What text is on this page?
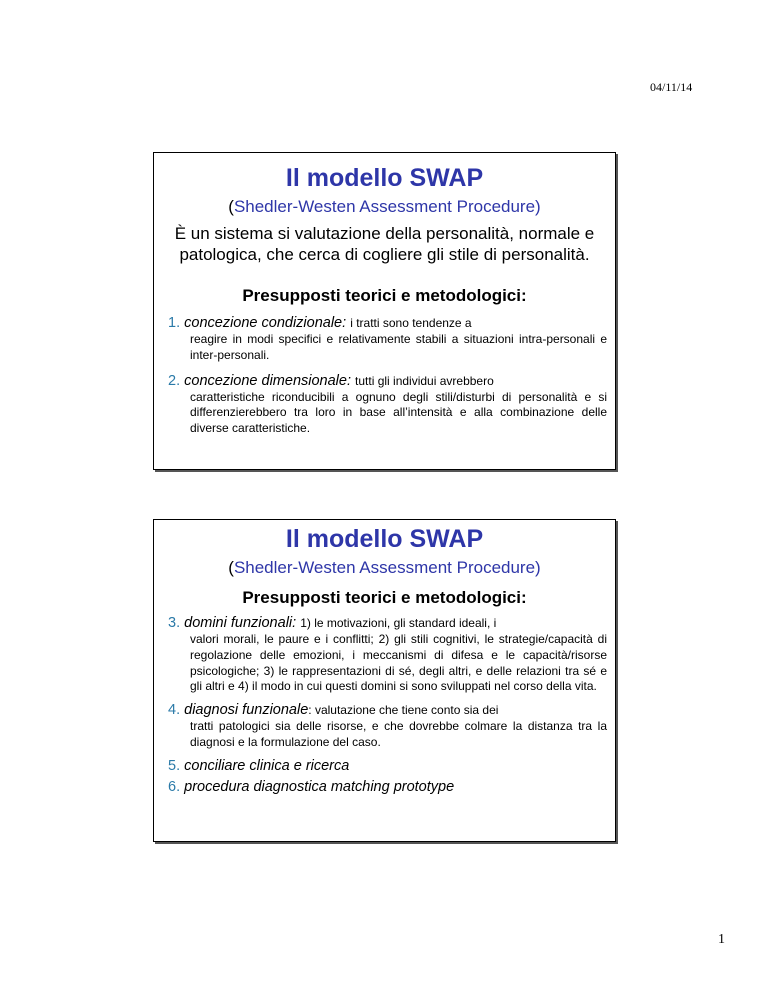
04/11/14

Il modello SWAP

(Shedler-Westen Assessment Procedure)

È un sistema si valutazione della personalità, normale e patologica, che cerca di cogliere gli stile di personalità.

Presupposti teorici e metodologici:

1. concezione condizionale: i tratti sono tendenze a
reagire in modi specifici e relativamente stabili a situazioni intra-personali e inter-personali.
2. concezione dimensionale: tutti gli individui avrebbero
caratteristiche riconducibili a ognuno degli stili/disturbi di personalità e si differenzierebbero tra loro in base all’intensità e alla combinazione delle diverse caratteristiche.

Il modello SWAP

(Shedler-Westen Assessment Procedure)

Presupposti teorici e metodologici:

3. domini funzionali: 1) le motivazioni, gli standard ideali, i
valori morali, le paure e i conflitti; 2) gli stili cognitivi, le strategie/capacità di regolazione delle emozioni, i meccanismi di difesa e le capacità/risorse psicologiche; 3) le rappresentazioni di sé, degli altri, e delle relazioni tra sé e gli altri e 4) il modo in cui questi domini si sono sviluppati nel corso della vita.
4. diagnosi funzionale: valutazione che tiene conto sia dei
tratti patologici sia delle risorse, e che dovrebbe colmare la distanza tra la diagnosi e la formulazione del caso.
5. conciliare clinica e ricerca
6. procedura diagnostica matching prototype
1
